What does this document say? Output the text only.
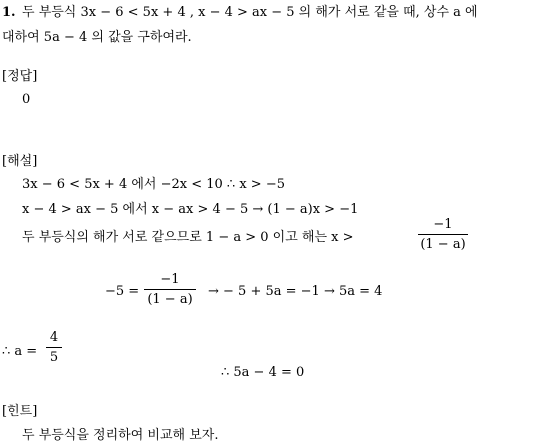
1. 두 부등식 3x − 6 < 5x + 4 , x − 4 > ax − 5 의 해가 서로 같을 때, 상수 a 에
대하여 5a − 4 의 값을 구하여라.
[정답]
0
[해설]
3x − 6 < 5x + 4 에서 −2x < 10 ∴ x > −5
x − 4 > ax − 5 에서 x − ax > 4 − 5 → (1 − a)x > −1
두 부등식의 해가 서로 같으므로 1 − a > 0 이고 해는 x >
−1
(1 − a)
−5 =
−1
(1 − a)
→ − 5 + 5a = −1 → 5a = 4
∴ a =
4
5
∴ 5a − 4 = 0
[힌트]
두 부등식을 정리하여 비교해 보자.
